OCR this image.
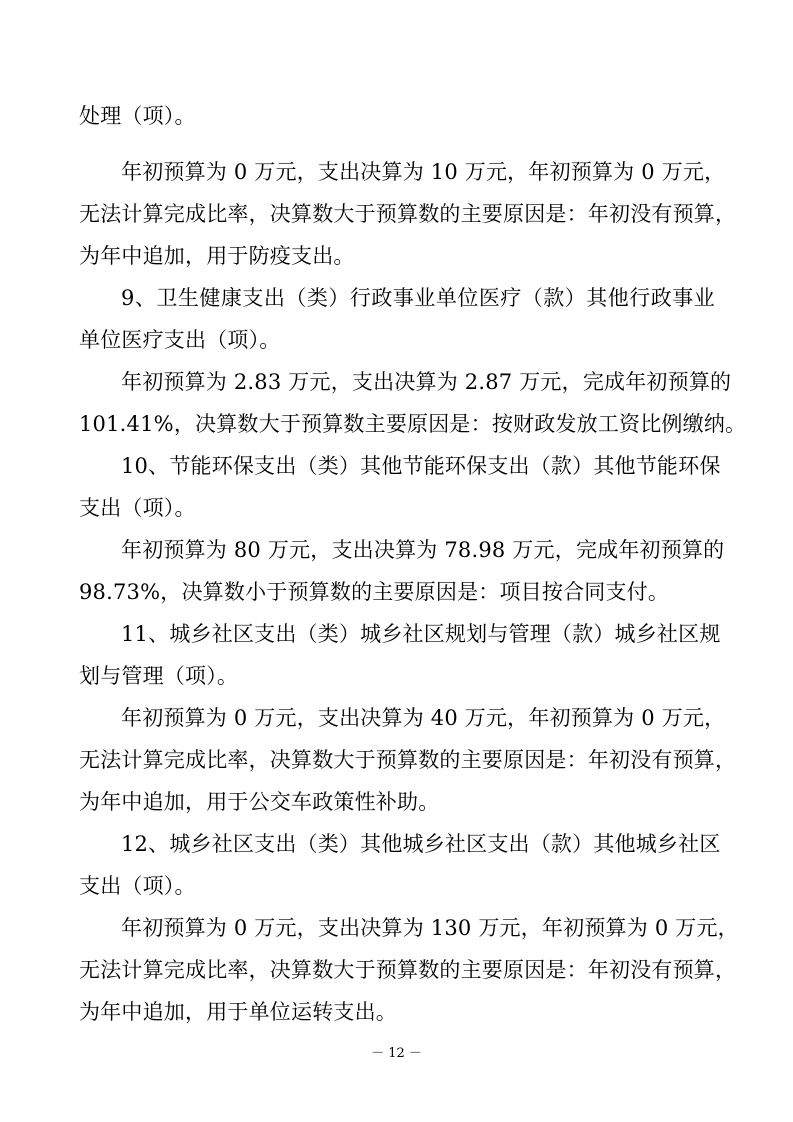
处理（项）。
年初预算为 0 万元，支出决算为 10 万元，年初预算为 0 万元，
无法计算完成比率，决算数大于预算数的主要原因是：年初没有预算，
为年中追加，用于防疫支出。
9、卫生健康支出（类）行政事业单位医疗（款）其他行政事业
单位医疗支出（项）。
年初预算为 2.83 万元，支出决算为 2.87 万元，完成年初预算的
101.41%，决算数大于预算数主要原因是：按财政发放工资比例缴纳。
10、节能环保支出（类）其他节能环保支出（款）其他节能环保
支出（项）。
年初预算为 80 万元，支出决算为 78.98 万元，完成年初预算的
98.73%，决算数小于预算数的主要原因是：项目按合同支付。
11、城乡社区支出（类）城乡社区规划与管理（款）城乡社区规
划与管理（项）。
年初预算为 0 万元，支出决算为 40 万元，年初预算为 0 万元，
无法计算完成比率，决算数大于预算数的主要原因是：年初没有预算，
为年中追加，用于公交车政策性补助。
12、城乡社区支出（类）其他城乡社区支出（款）其他城乡社区
支出（项）。
年初预算为 0 万元，支出决算为 130 万元，年初预算为 0 万元，
无法计算完成比率，决算数大于预算数的主要原因是：年初没有预算，
为年中追加，用于单位运转支出。
－ 12 －
